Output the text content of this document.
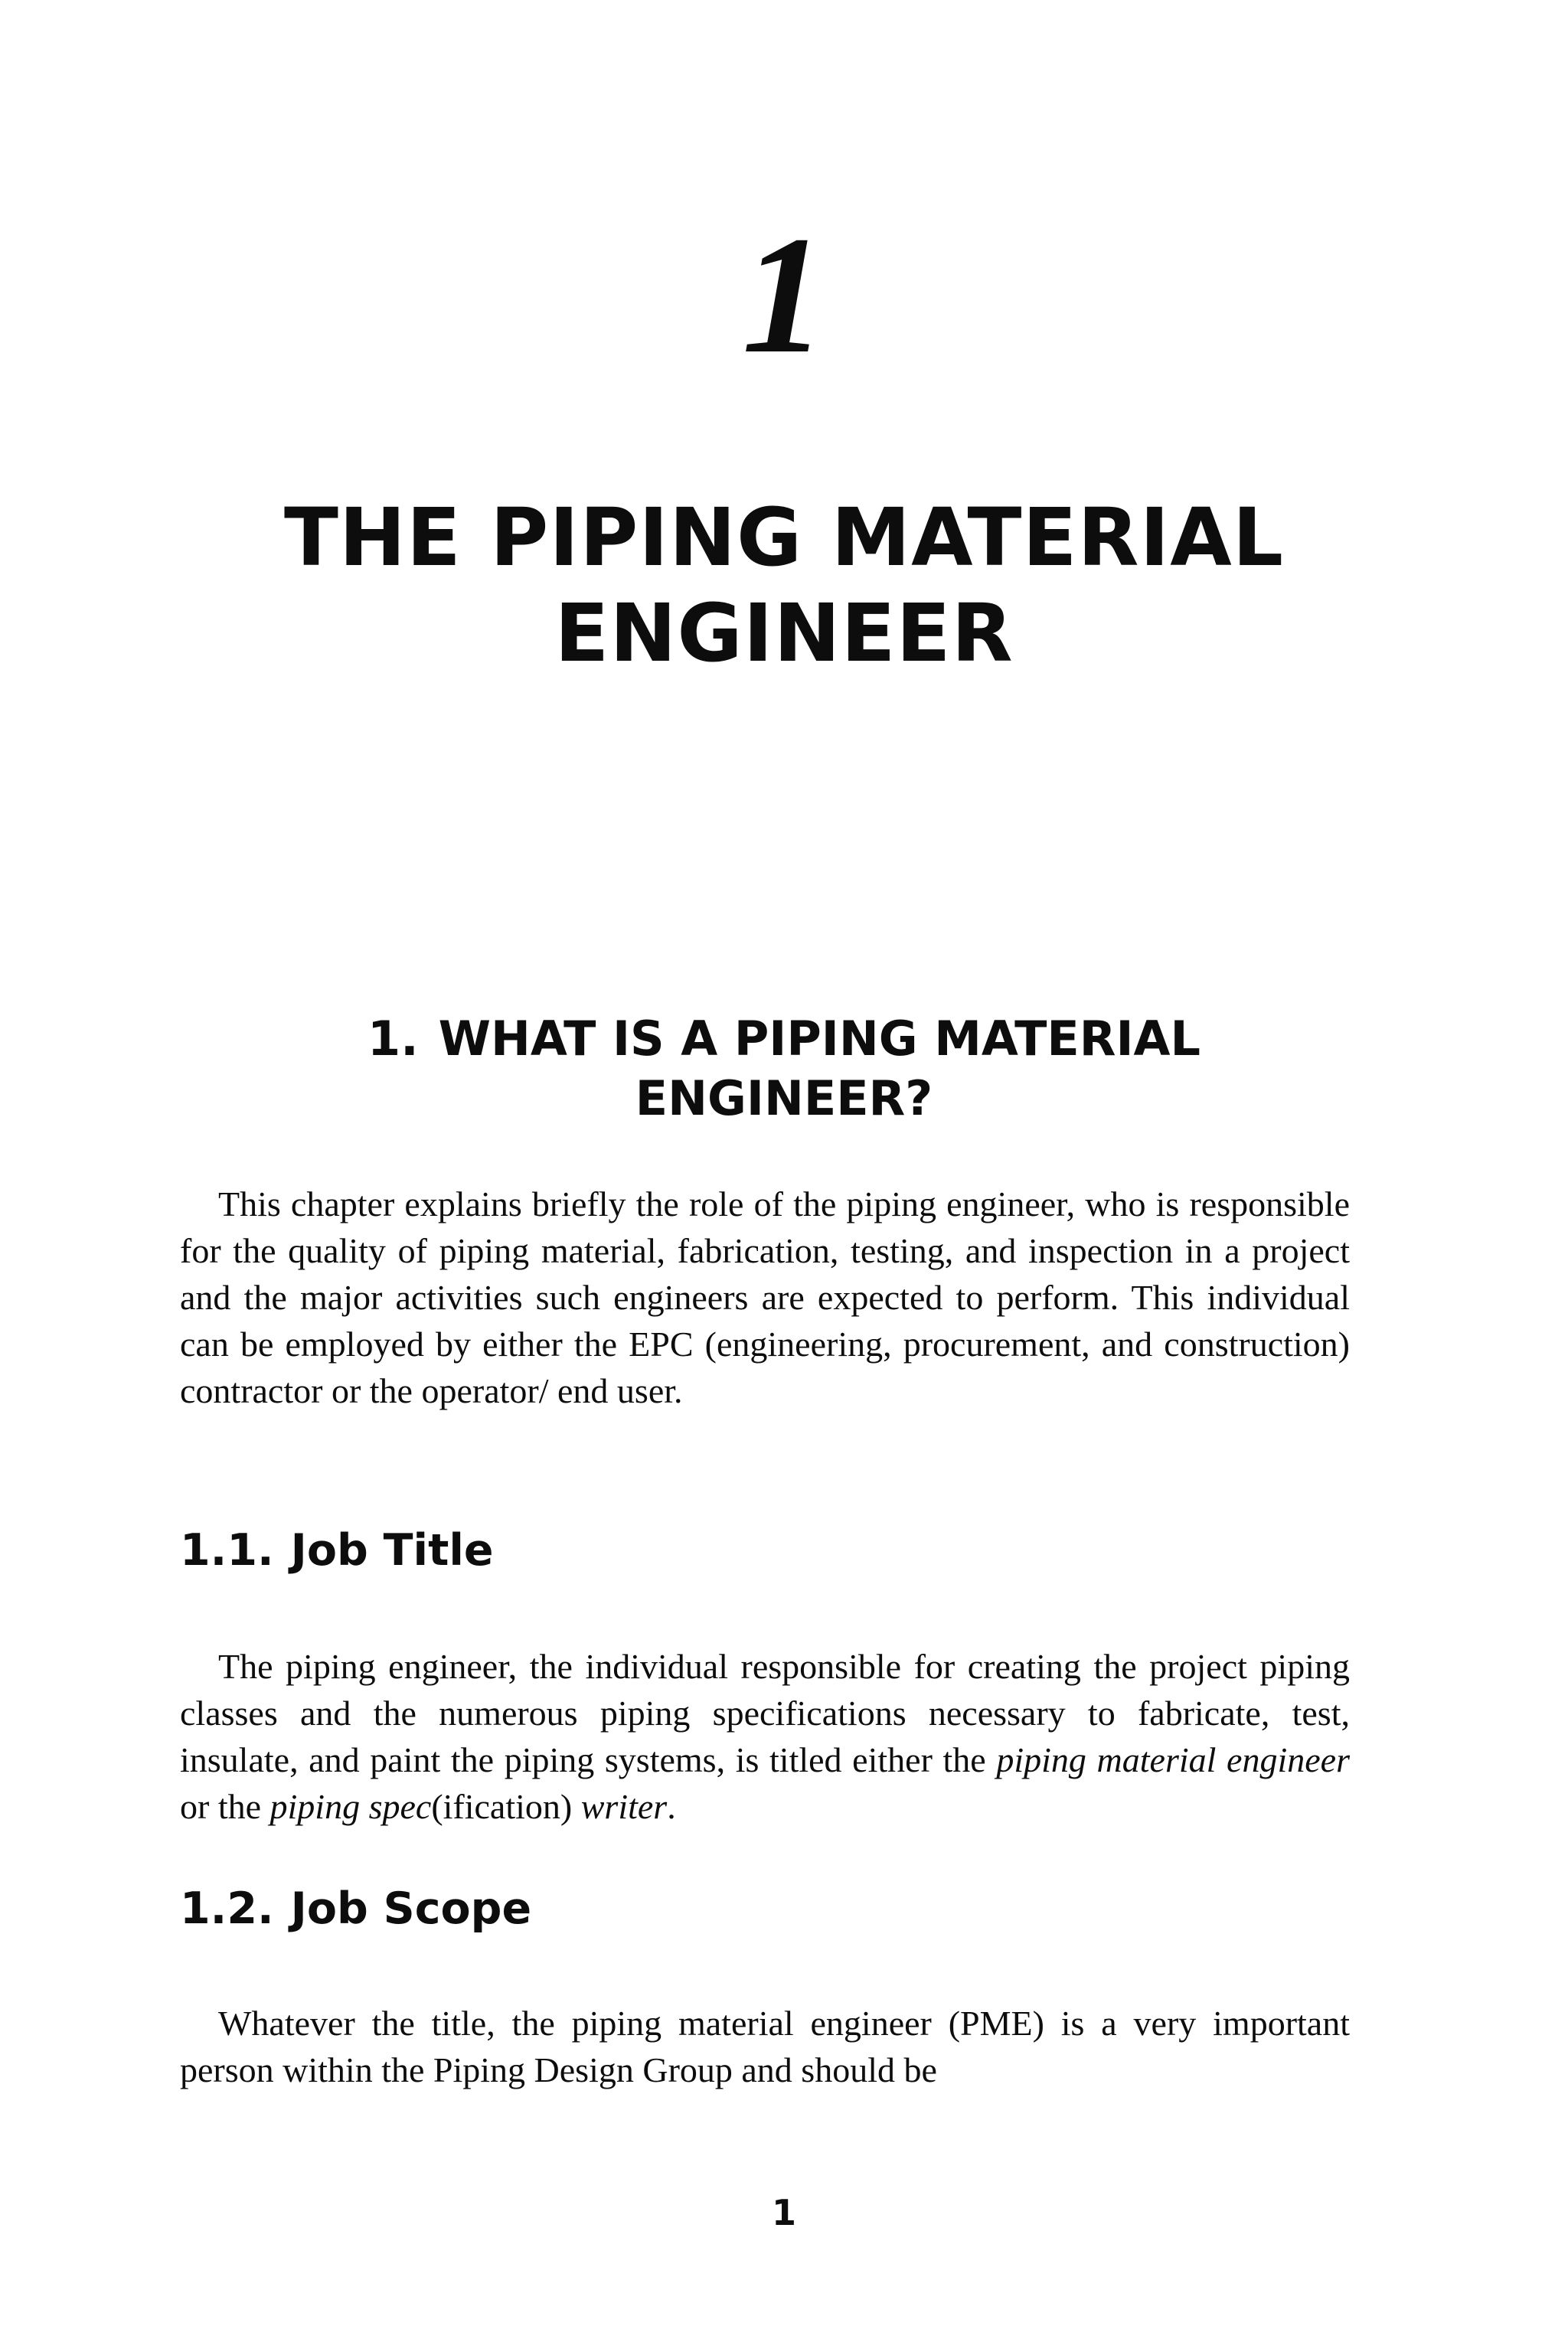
1
THE PIPING MATERIAL
ENGINEER
1. WHAT IS A PIPING MATERIAL
ENGINEER?

This chapter explains briefly the role of the piping engineer, who is responsible for the quality of piping material, fabrication, testing, and inspection in a project and the major activities such engineers are expected to perform. This individual can be employed by either the EPC (engineering, procurement, and construction) contractor or the operator/ end user.

1.1. Job Title

The piping engineer, the individual responsible for creating the project piping classes and the numerous piping specifications necessary to fabricate, test, insulate, and paint the piping systems, is titled either the piping material engineer or the piping spec(ification) writer.

1.2. Job Scope

Whatever the title, the piping material engineer (PME) is a very important person within the Piping Design Group and should be

1
